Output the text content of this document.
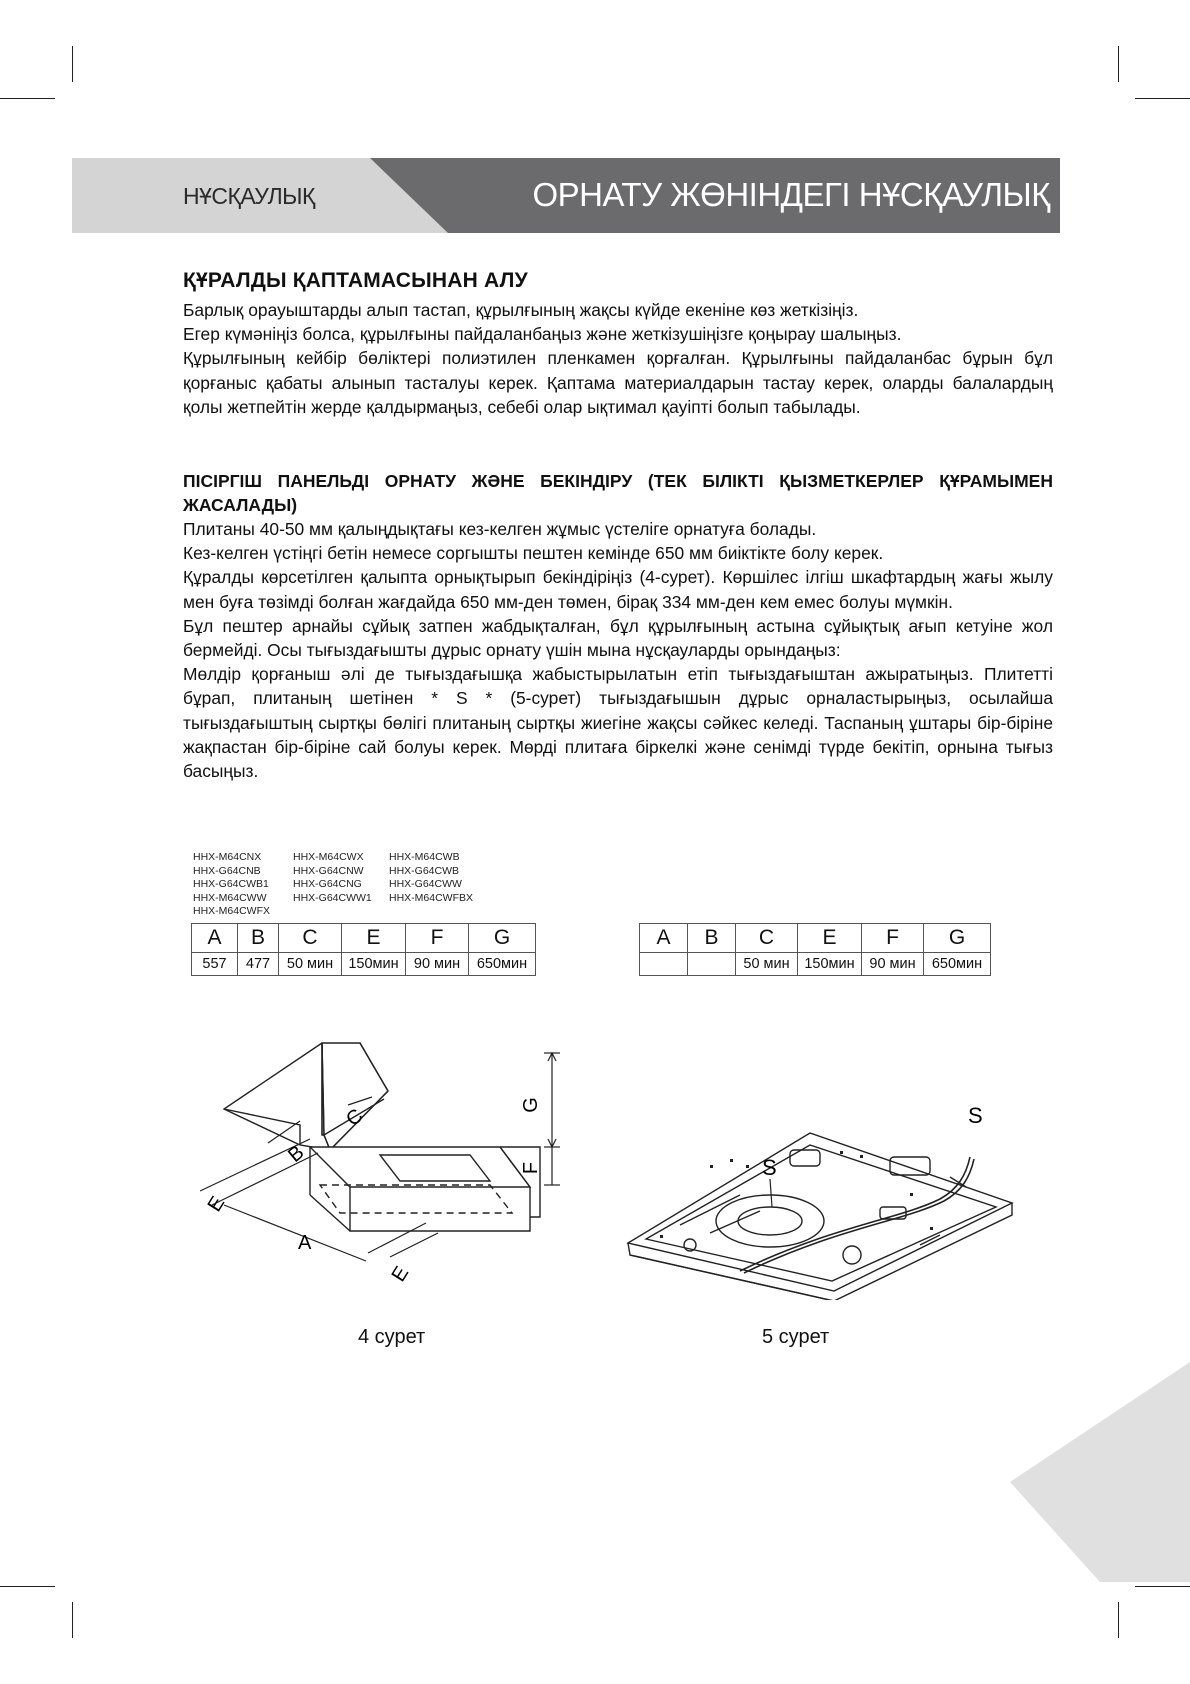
НҰСҚАУЛЫҚ	ОРНАТУ ЖӨНІНДЕГІ НҰСҚАУЛЫҚ
ҚҰРАЛДЫ ҚАПТАМАСЫНАН АЛУ

Барлық орауыштарды алып тастап, құрылғының жақсы күйде екеніне көз жеткізіңіз.

Егер күмәніңіз болса, құрылғыны пайдаланбаңыз және жеткізушіңізге қоңырау шалыңыз.

Құрылғының кейбір бөліктері полиэтилен пленкамен қорғалған. Құрылғыны пайдаланбас бұрын бұл қорғаныс қабаты алынып тасталуы керек. Қаптама материалдарын тастау керек, оларды балалардың қолы жетпейтін жерде қалдырмаңыз, себебі олар ықтимал қауіпті болып табылады.

ПІСІРГІШ ПАНЕЛЬДІ ОРНАТУ ЖӘНЕ БЕКІНДІРУ (ТЕК БІЛІКТІ ҚЫЗМЕТКЕРЛЕР ҚҰРАМЫМЕН ЖАСАЛАДЫ)

Плитаны 40-50 мм қалыңдықтағы кез-келген жұмыс үстеліге орнатуға болады.

Кез-келген үстіңгі бетін немесе соргышты пештен кемінде 650 мм биіктікте болу керек.

Құралды көрсетілген қалыпта орнықтырып бекіндіріңіз (4-сурет). Көршілес ілгіш шкафтардың жағы жылу мен буға төзімді болған жағдайда 650 мм-ден төмен, бірақ 334 мм-ден кем емес болуы мүмкін.

Бұл пештер арнайы сұйық затпен жабдықталған, бұл құрылғының астына сұйықтық ағып кетуіне жол бермейді. Осы тығыздағышты дұрыс орнату үшін мына нұсқауларды орындаңыз:

Мөлдір қорғаныш әлі де тығыздағышқа жабыстырылатын етіп тығыздағыштан ажыратыңыз. Плитетті бұрап, плитаның шетінен * S * (5-сурет) тығыздағышын дұрыс орналастырыңыз, осылайша тығыздағыштың сыртқы бөлігі плитаның сыртқы жиегіне жақсы сәйкес келеді. Таспаның ұштары бір-біріне жақпастан бір-біріне сай болуы керек. Мөрді плитаға біркелкі және сенімді түрде бекітіп, орнына тығыз басыңыз.

HHX-M64CNX
HHX-G64CNB
HHX-G64CWB1
HHX-M64CWW
HHX-M64CWFX
HHX-M64CWX
HHX-G64CNW
HHX-G64CNG
HHX-G64CWW1
HHX-M64CWB
HHX-G64CWB
HHX-G64CWW
HHX-M64CWFBX
A	B	C	E	F	G
557	477	50 мин	150мин	90 мин	650мин
A	B	C	E	F	G
		50 мин	150мин	90 мин	650мин
G
F
A
E
E
B
C
4 сурет
S
S
5 сурет
